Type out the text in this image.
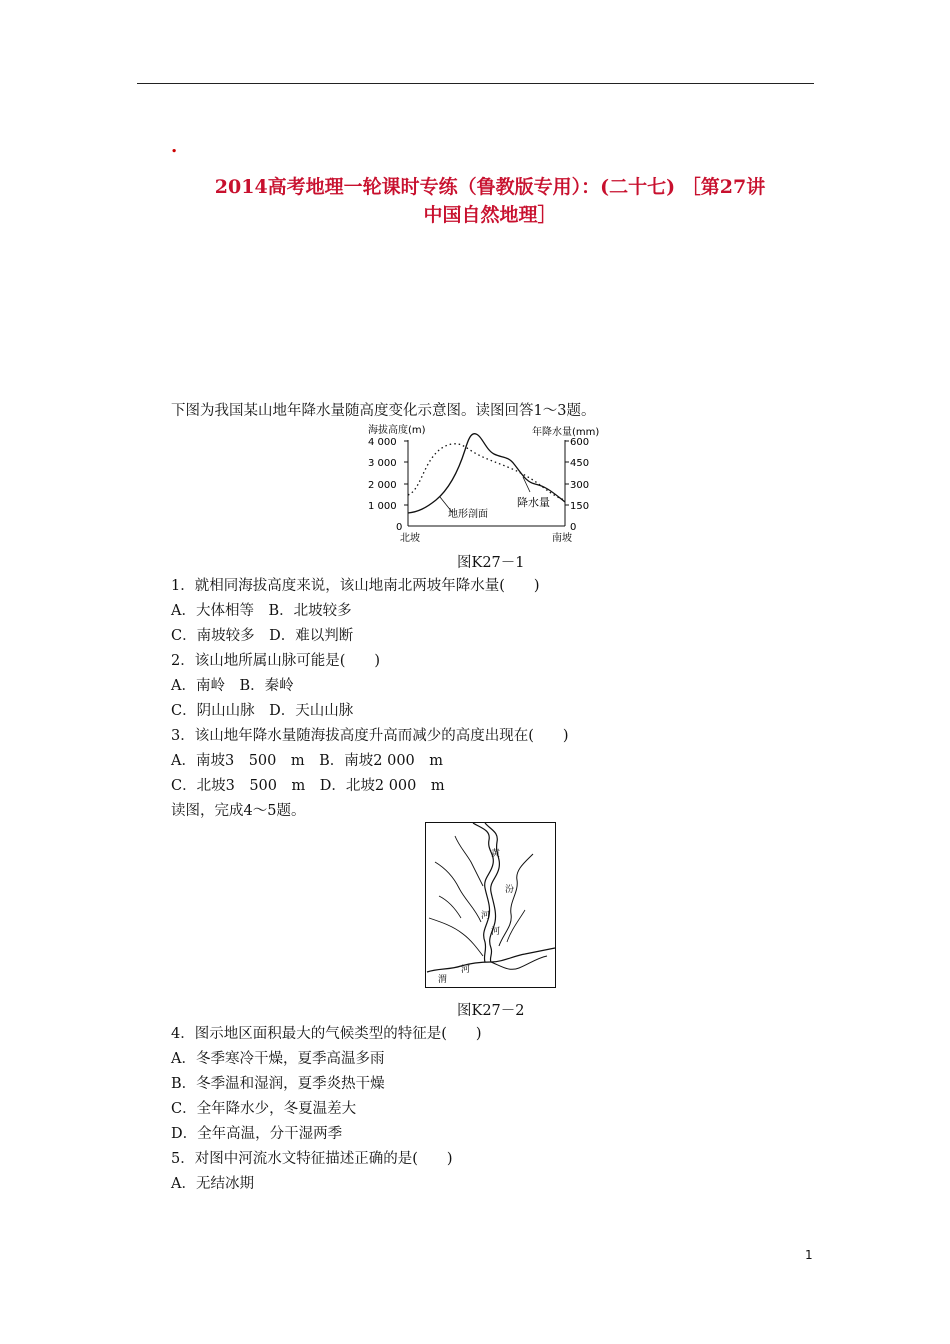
.
2014高考地理一轮课时专练（鲁教版专用）：(二十七) ［第27讲
中国自然地理］
下图为我国某山地年降水量随高度变化示意图。读图回答1～3题。
海拔高度(m)	年降水量(mm)
4 000
3 000
2 000
1 000
0
600
450
300
150
0
降水量
地形剖面
北坡	南坡
图K27－1
1．就相同海拔高度来说，该山地南北两坡年降水量(　　)
A．大体相等　B．北坡较多
C．南坡较多　D．难以判断
2．该山地所属山脉可能是(　　)
A．南岭　B．秦岭
C．阴山山脉　D．天山山脉
3．该山地年降水量随海拔高度升高而减少的高度出现在(　　)
A．南坡3　500　m　B．南坡2 000　m
C．北坡3　500　m　D．北坡2 000　m
读图，完成4～5题。
黄
汾
河
河
渭
河
图K27－2
4．图示地区面积最大的气候类型的特征是(　　)
A．冬季寒冷干燥，夏季高温多雨
B．冬季温和湿润，夏季炎热干燥
C．全年降水少，冬夏温差大
D．全年高温，分干湿两季
5．对图中河流水文特征描述正确的是(　　)
A．无结冰期
1
